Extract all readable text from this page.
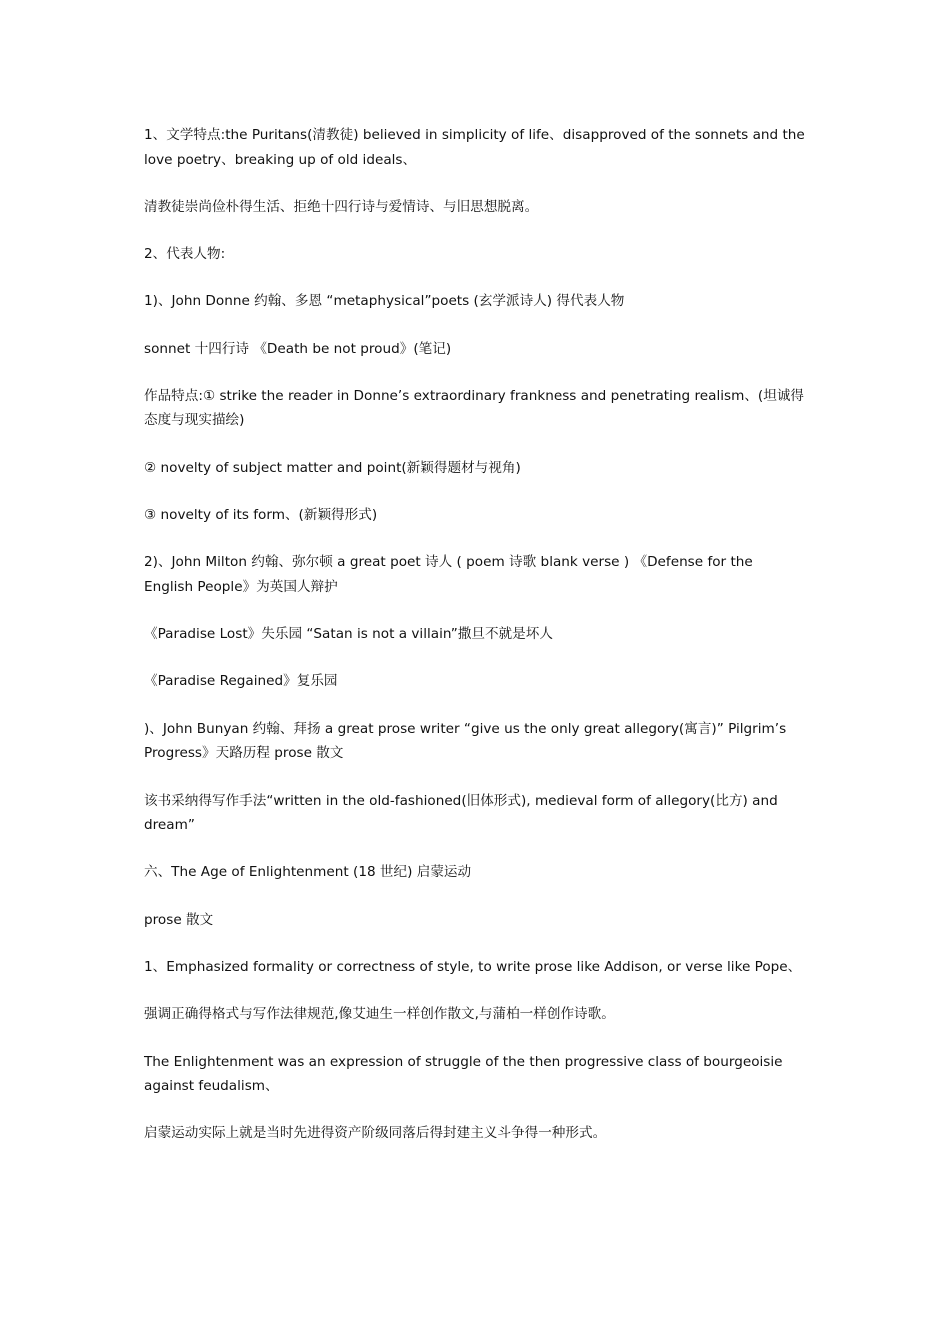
1、文学特点:the Puritans(清教徒) believed in simplicity of life、disapproved of the sonnets and the love poetry、breaking up of old ideals、

清教徒崇尚俭朴得生活、拒绝十四行诗与爱情诗、与旧思想脱离。

2、代表人物:

1)、John Donne 约翰、多恩 “metaphysical”poets (玄学派诗人) 得代表人物

sonnet 十四行诗 《Death be not proud》(笔记)

作品特点:① strike the reader in Donne’s extraordinary frankness and penetrating realism、(坦诚得态度与现实描绘)

② novelty of subject matter and point(新颖得题材与视角)

③ novelty of its form、(新颖得形式)

2)、John Milton 约翰、弥尔顿 a great poet 诗人 ( poem 诗歌 blank verse ) 《Defense for the English People》为英国人辩护

《Paradise Lost》失乐园 “Satan is not a villain”撒旦不就是坏人

《Paradise Regained》复乐园

)、John Bunyan 约翰、拜扬 a great prose writer “give us the only great allegory(寓言)” Pilgrim’s Progress》天路历程 prose 散文

该书采纳得写作手法“written in the old-fashioned(旧体形式), medieval form of allegory(比方) and dream”

六、The Age of Enlightenment (18 世纪) 启蒙运动

prose 散文

1、Emphasized formality or correctness of style, to write prose like Addison, or verse like Pope、

强调正确得格式与写作法律规范,像艾迪生一样创作散文,与蒲柏一样创作诗歌。

The Enlightenment was an expression of struggle of the then progressive class of bourgeoisie against feudalism、

启蒙运动实际上就是当时先进得资产阶级同落后得封建主义斗争得一种形式。
